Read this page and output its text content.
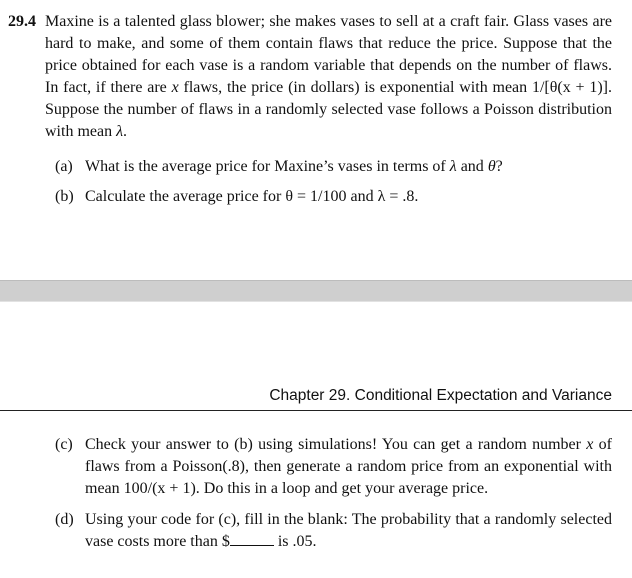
29.4 Maxine is a talented glass blower; she makes vases to sell at a craft fair. Glass vases are hard to make, and some of them contain flaws that reduce the price. Suppose that the price obtained for each vase is a random variable that depends on the number of flaws. In fact, if there are x flaws, the price (in dollars) is exponential with mean 1/[θ(x + 1)]. Suppose the number of flaws in a randomly selected vase follows a Poisson distribution with mean λ.
(a) What is the average price for Maxine’s vases in terms of λ and θ?
(b) Calculate the average price for θ = 1/100 and λ = .8.
Chapter 29. Conditional Expectation and Variance
(c) Check your answer to (b) using simulations! You can get a random number x of flaws from a Poisson(.8), then generate a random price from an exponential with mean 100/(x + 1). Do this in a loop and get your average price.
(d) Using your code for (c), fill in the blank: The probability that a randomly selected vase costs more than $	is .05.
